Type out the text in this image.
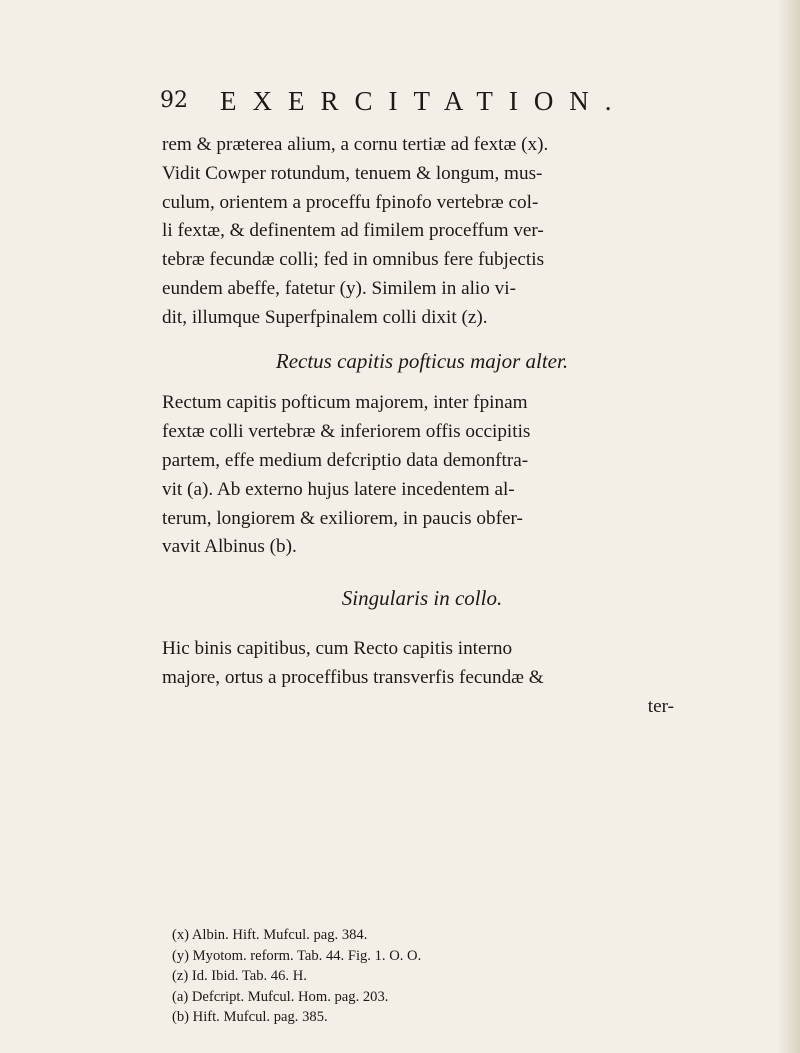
92 EXERCITATION.
rem & præterea alium, a cornu tertiæ ad fextæ (x).
Vidit Cowper rotundum, tenuem & longum, mus-
culum, orientem a proceffu fpinofo vertebræ col-
li fextæ, & definentem ad fimilem proceffum ver-
tebræ fecundæ colli; fed in omnibus fere fubjectis
eundem abeffe, fatetur (y). Similem in alio vi-
dit, illumque Superfpinalem colli dixit (z).
Rectus capitis pofticus major alter.
Rectum capitis pofticum majorem, inter fpinam
fextæ colli vertebræ & inferiorem offis occipitis
partem, effe medium defcriptio data demonftra-
vit (a). Ab externo hujus latere incedentem al-
terum, longiorem & exiliorem, in paucis obfer-
vavit Albinus (b).
Singularis in collo.
Hic binis capitibus, cum Recto capitis interno
majore, ortus a proceffibus transverfis fecundæ &
ter-
(x) Albin. Hift. Mufcul. pag. 384.
(y) Myotom. reform. Tab. 44. Fig. 1. O. O.
(z) Id. Ibid. Tab. 46. H.
(a) Defcript. Mufcul. Hom. pag. 203.
(b) Hift. Mufcul. pag. 385.
